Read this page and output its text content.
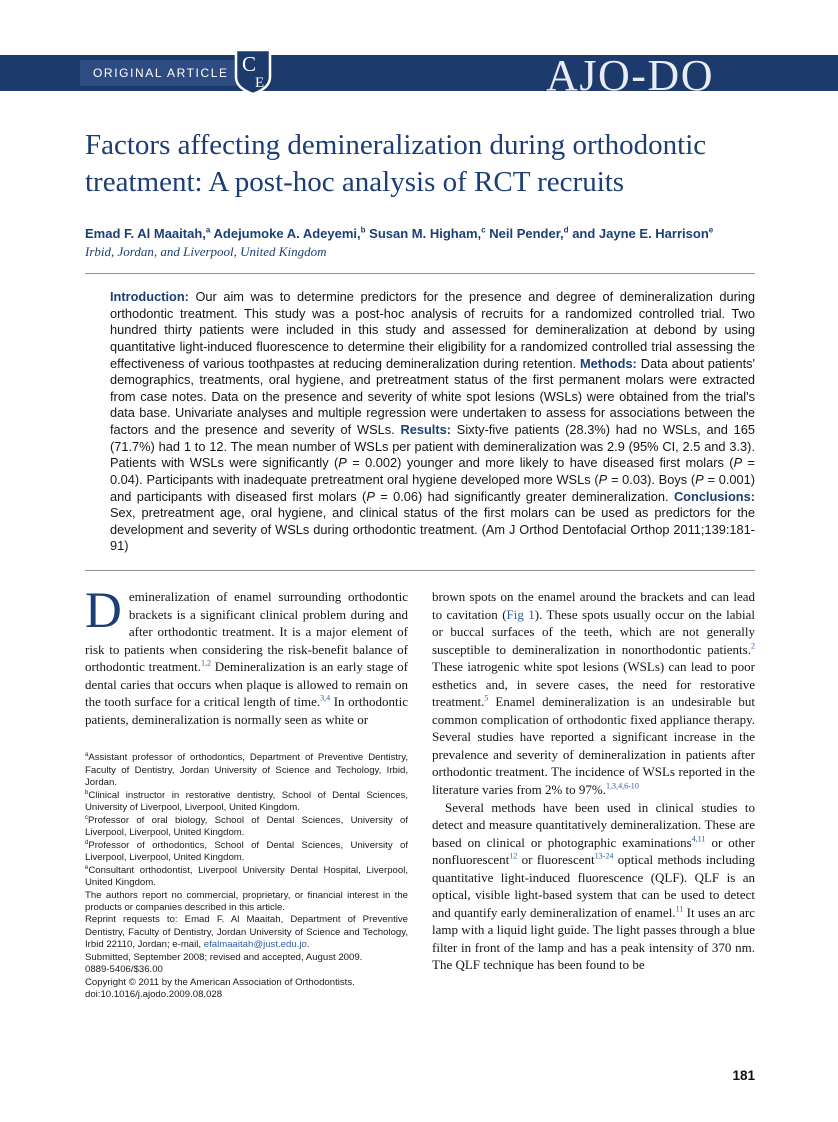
ORIGINAL ARTICLE C
E	AJO-DO
Factors affecting demineralization during orthodontic treatment: A post-hoc analysis of RCT recruits

Emad F. Al Maaitah,$^a$ Adejumoke A. Adeyemi,$^b$ Susan M. Higham,$^c$ Neil Pender,$^d$ and Jayne E. Harrison$^e$

Irbid, Jordan, and Liverpool, United Kingdom

Introduction: Our aim was to determine predictors for the presence and degree of demineralization during orthodontic treatment. This study was a post-hoc analysis of recruits for a randomized controlled trial. Two hundred thirty patients were included in this study and assessed for demineralization at debond by using quantitative light-induced fluorescence to determine their eligibility for a randomized controlled trial assessing the effectiveness of various toothpastes at reducing demineralization during retention. Methods: Data about patients' demographics, treatments, oral hygiene, and pretreatment status of the first permanent molars were extracted from case notes. Data on the presence and severity of white spot lesions (WSLs) were obtained from the trial's data base. Univariate analyses and multiple regression were undertaken to assess for associations between the factors and the presence and severity of WSLs. Results: Sixty-five patients (28.3%) had no WSLs, and 165 (71.7%) had 1 to 12. The mean number of WSLs per patient with demineralization was 2.9 (95% CI, 2.5 and 3.3). Patients with WSLs were significantly (P = 0.002) younger and more likely to have diseased first molars (P = 0.04). Participants with inadequate pretreatment oral hygiene developed more WSLs (P = 0.03). Boys (P = 0.001) and participants with diseased first molars (P = 0.06) had significantly greater demineralization. Conclusions: Sex, pretreatment age, oral hygiene, and clinical status of the first molars can be used as predictors for the development and severity of WSLs during orthodontic treatment. (Am J Orthod Dentofacial Orthop 2011;139:181-91)

Demineralization of enamel surrounding orthodontic brackets is a significant clinical problem during and after orthodontic treatment. It is a major element of risk to patients when considering the risk-benefit balance of orthodontic treatment.$^{1,2}$ Demineralization is an early stage of dental caries that occurs when plaque is allowed to remain on the tooth surface for a critical length of time.$^{3,4}$ In orthodontic patients, demineralization is normally seen as white or

$^a$Assistant professor of orthodontics, Department of Preventive Dentistry, Faculty of Dentistry, Jordan University of Science and Techology, Irbid, Jordan.

$^b$Clinical instructor in restorative dentistry, School of Dental Sciences, University of Liverpool, Liverpool, United Kingdom.

$^c$Professor of oral biology, School of Dental Sciences, University of Liverpool, Liverpool, United Kingdom.

$^d$Professor of orthodontics, School of Dental Sciences, University of Liverpool, Liverpool, United Kingdom.

$^e$Consultant orthodontist, Liverpool University Dental Hospital, Liverpool, United Kingdom.

The authors report no commercial, proprietary, or financial interest in the products or companies described in this article.

Reprint requests to: Emad F. Al Maaitah, Department of Preventive Dentistry, Faculty of Dentistry, Jordan University of Science and Techology, Irbid 22110, Jordan; e-mail, efalmaaitah@just.edu.jo.

Submitted, September 2008; revised and accepted, August 2009.

0889-5406/$36.00

Copyright © 2011 by the American Association of Orthodontists.

doi:10.1016/j.ajodo.2009.08.028

brown spots on the enamel around the brackets and can lead to cavitation (Fig 1). These spots usually occur on the labial or buccal surfaces of the teeth, which are not generally susceptible to demineralization in nonorthodontic patients.$^2$ These iatrogenic white spot lesions (WSLs) can lead to poor esthetics and, in severe cases, the need for restorative treatment.$^5$ Enamel demineralization is an undesirable but common complication of orthodontic fixed appliance therapy. Several studies have reported a significant increase in the prevalence and severity of demineralization in patients after orthodontic treatment. The incidence of WSLs reported in the literature varies from 2% to 97%.$^{1,3,4,6-10}$

Several methods have been used in clinical studies to detect and measure quantitatively demineralization. These are based on clinical or photographic examinations$^{4,11}$ or other nonfluorescent$^{12}$ or fluorescent$^{13-24}$ optical methods including quantitative light-induced fluorescence (QLF). QLF is an optical, visible light-based system that can be used to detect and quantify early demineralization of enamel.$^{11}$ It uses an arc lamp with a liquid light guide. The light passes through a blue filter in front of the lamp and has a peak intensity of 370 nm. The QLF technique has been found to be

181
